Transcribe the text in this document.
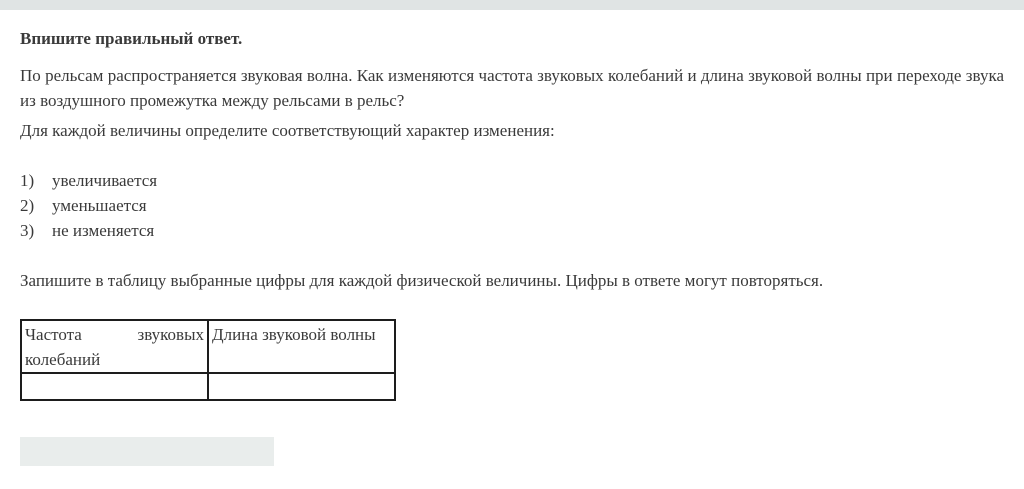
Впишите правильный ответ.

По рельсам распространяется звуковая волна. Как изменяются частота звуковых колебаний и длина звуковой волны при переходе звука из воздушного промежутка между рельсами в рельс?

Для каждой величины определите соответствующий характер изменения:

1)	увеличивается
2)	уменьшается
3)	не изменяется

Запишите в таблицу выбранные цифры для каждой физической величины. Цифры в ответе могут повторяться.

Частота звуковых колебаний	Длина звуковой волны
